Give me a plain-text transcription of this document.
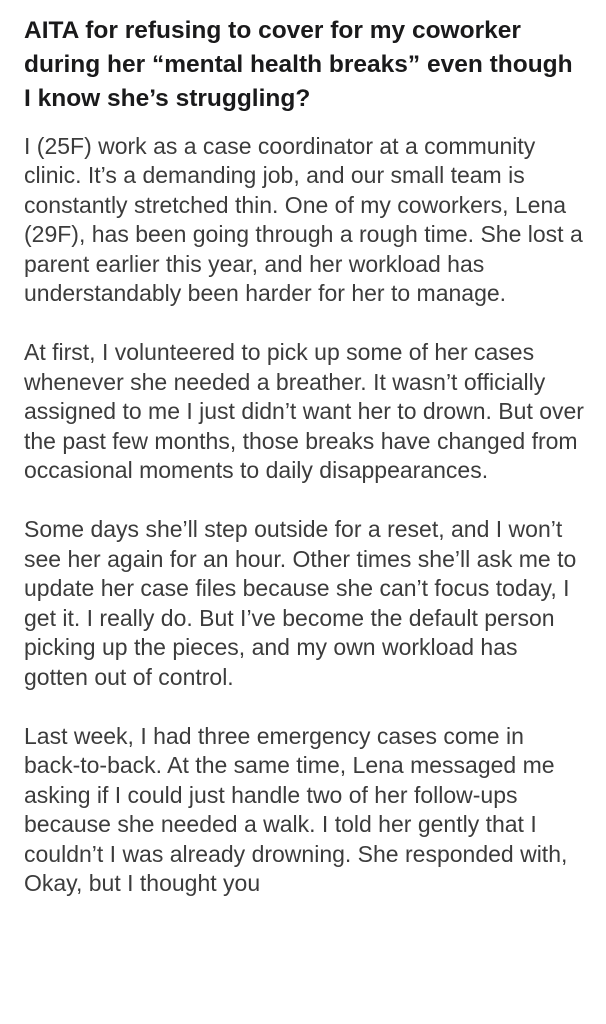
AITA for refusing to cover for my coworker during her “mental health breaks” even though I know she’s struggling?

I (25F) work as a case coordinator at a community clinic. It’s a demanding job, and our small team is constantly stretched thin. One of my coworkers, Lena (29F), has been going through a rough time. She lost a parent earlier this year, and her workload has understandably been harder for her to manage.

At first, I volunteered to pick up some of her cases whenever she needed a breather. It wasn’t officially assigned to me I just didn’t want her to drown. But over the past few months, those breaks have changed from occasional moments to daily disappearances.

Some days she’ll step outside for a reset, and I won’t see her again for an hour. Other times she’ll ask me to update her case files because she can’t focus today, I get it. I really do. But I’ve become the default person picking up the pieces, and my own workload has gotten out of control.

Last week, I had three emergency cases come in back-to-back. At the same time, Lena messaged me asking if I could just handle two of her follow-ups because she needed a walk. I told her gently that I couldn’t I was already drowning. She responded with, Okay, but I thought you
